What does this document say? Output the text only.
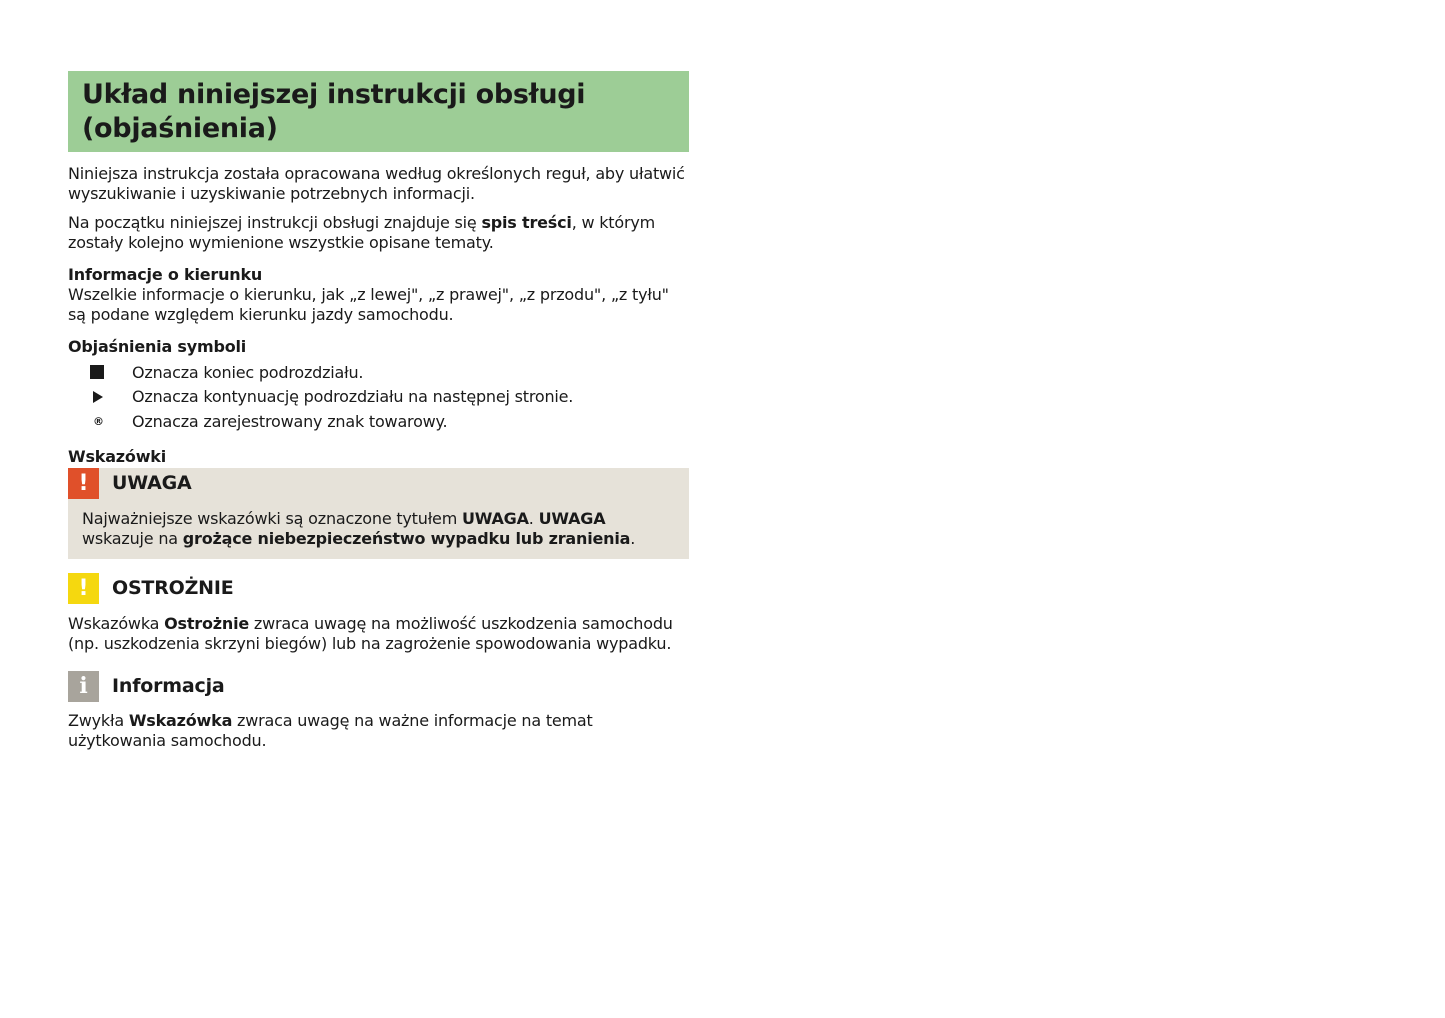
Układ niniejszej instrukcji obsługi (objaśnienia)

Niniejsza instrukcja została opracowana według określonych reguł, aby ułatwić wyszukiwanie i uzyskiwanie potrzebnych informacji.

Na początku niniejszej instrukcji obsługi znajduje się spis treści, w którym zostały kolejno wymienione wszystkie opisane tematy.

Informacje o kierunku

Wszelkie informacje o kierunku, jak „z lewej", „z prawej", „z przodu", „z tyłu" są podane względem kierunku jazdy samochodu.

Objaśnienia symboli
Oznacza koniec podrozdziału.
Oznacza kontynuację podrozdziału na następnej stronie.
® Oznacza zarejestrowany znak towarowy.
Wskazówki
!	UWAGA

Najważniejsze wskazówki są oznaczone tytułem UWAGA. UWAGA wskazuje na grożące niebezpieczeństwo wypadku lub zranienia.

!	OSTROŻNIE

Wskazówka Ostrożnie zwraca uwagę na możliwość uszkodzenia samochodu (np. uszkodzenia skrzyni biegów) lub na zagrożenie spowodowania wypadku.

i	Informacja

Zwykła Wskazówka zwraca uwagę na ważne informacje na temat użytkowania samochodu.
